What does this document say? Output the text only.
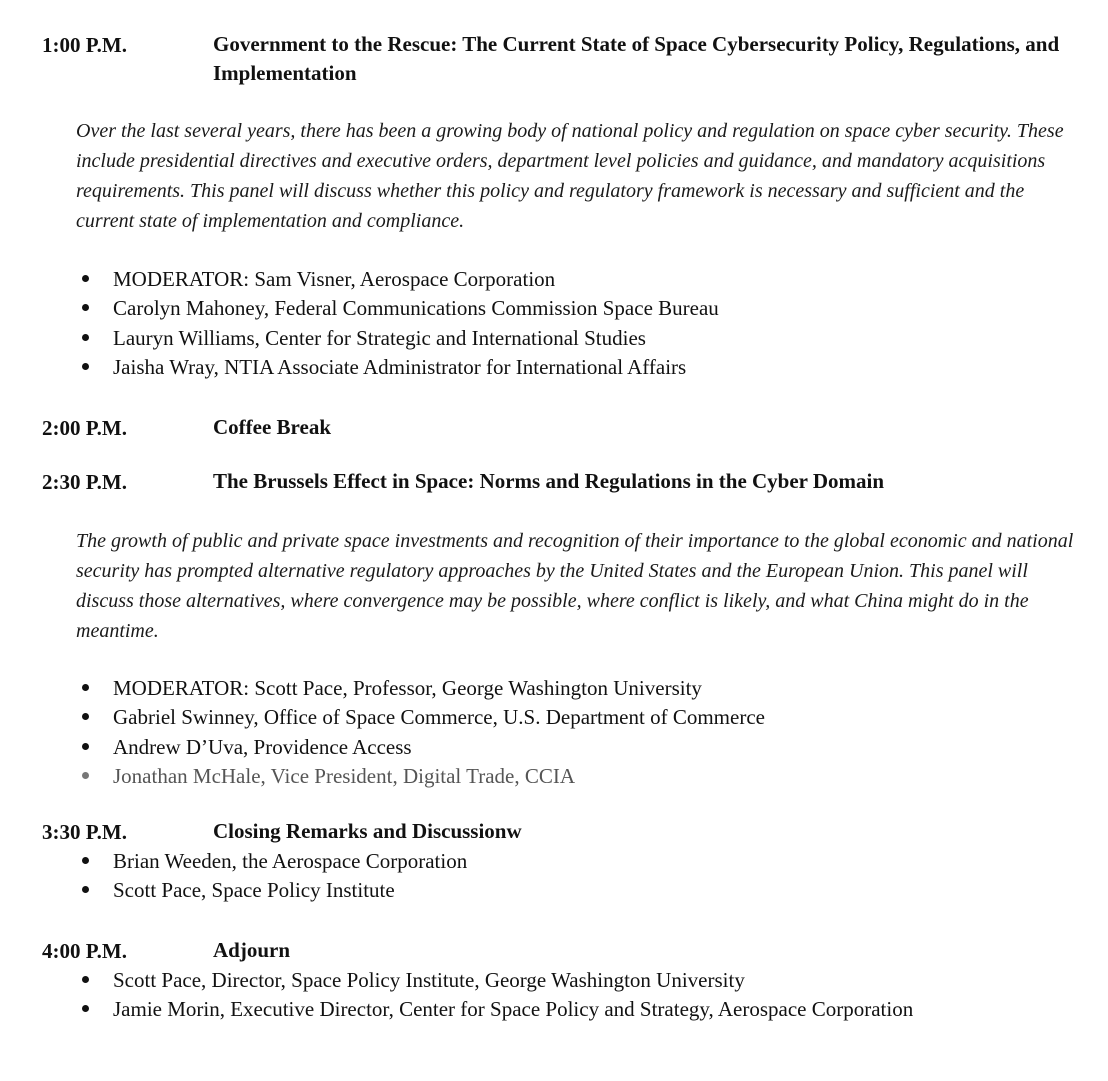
1:00 P.M.	Government to the Rescue: The Current State of Space Cybersecurity Policy, Regulations, and Implementation
Over the last several years, there has been a growing body of national policy and regulation on space cyber security. These include presidential directives and executive orders, department level policies and guidance, and mandatory acquisitions requirements. This panel will discuss whether this policy and regulatory framework is necessary and sufficient and the current state of implementation and compliance.
MODERATOR: Sam Visner, Aerospace Corporation
Carolyn Mahoney, Federal Communications Commission Space Bureau
Lauryn Williams, Center for Strategic and International Studies
Jaisha Wray, NTIA Associate Administrator for International Affairs
2:00 P.M.	Coffee Break
2:30 P.M.	The Brussels Effect in Space: Norms and Regulations in the Cyber Domain
The growth of public and private space investments and recognition of their importance to the global economic and national security has prompted alternative regulatory approaches by the United States and the European Union. This panel will discuss those alternatives, where convergence may be possible, where conflict is likely, and what China might do in the meantime.
MODERATOR: Scott Pace, Professor, George Washington University
Gabriel Swinney, Office of Space Commerce, U.S. Department of Commerce
Andrew D’Uva, Providence Access
Jonathan McHale, Vice President, Digital Trade, CCIA
3:30 P.M.	Closing Remarks and Discussionw
Brian Weeden, the Aerospace Corporation
Scott Pace, Space Policy Institute
4:00 P.M.	Adjourn
Scott Pace, Director, Space Policy Institute, George Washington University
Jamie Morin, Executive Director, Center for Space Policy and Strategy, Aerospace Corporation
